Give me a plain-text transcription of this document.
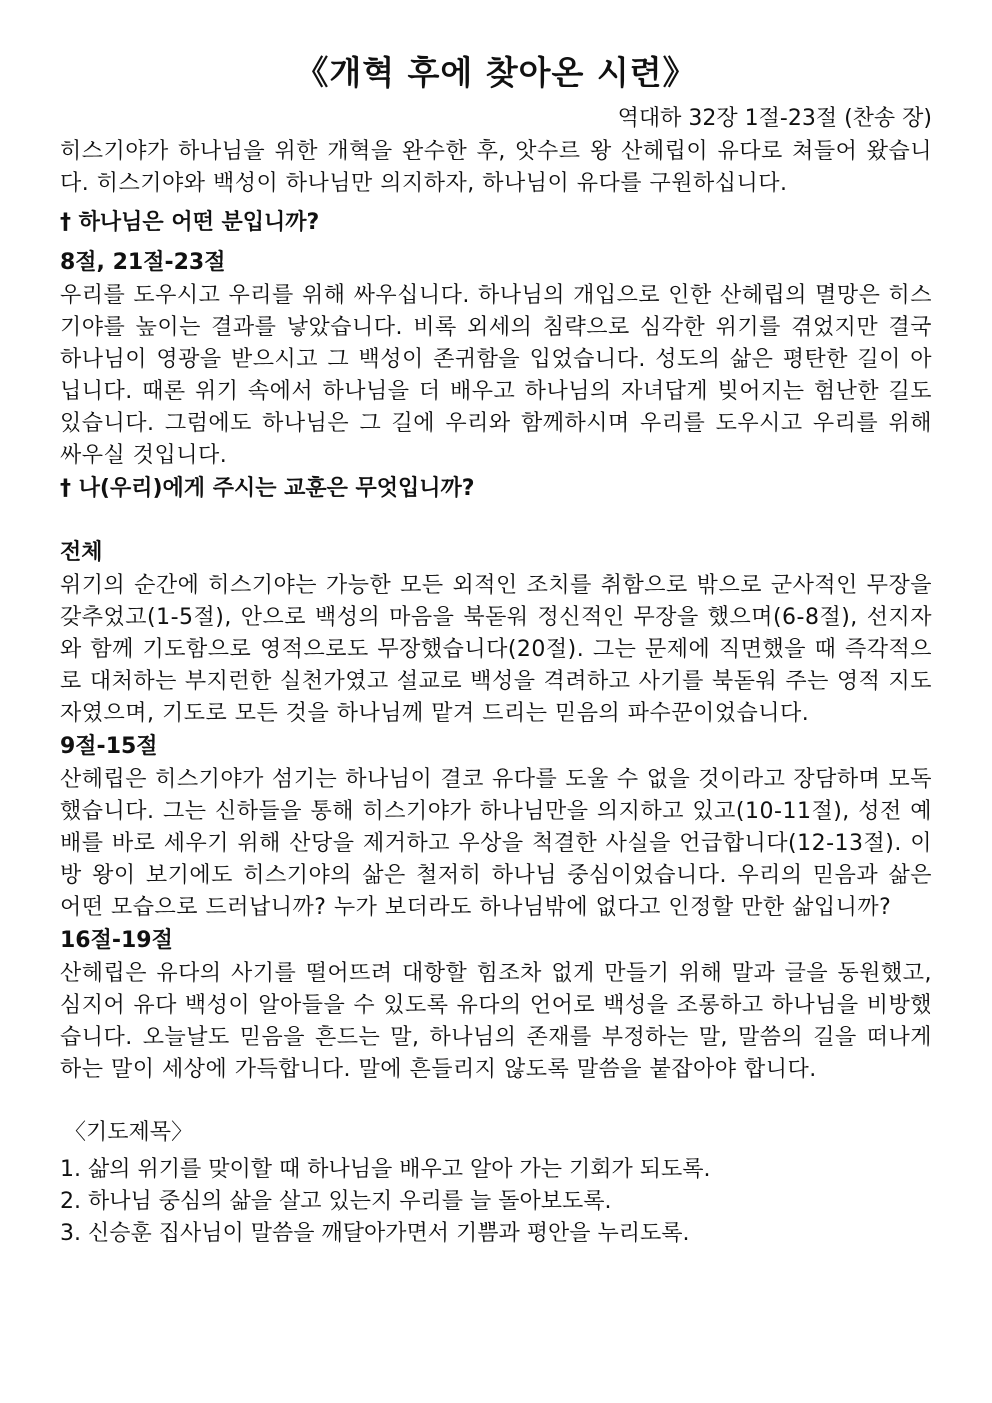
《개혁 후에 찾아온 시련》
역대하 32장 1절-23절 (찬송 장)

히스기야가 하나님을 위한 개혁을 완수한 후, 앗수르 왕 산헤립이 유다로 쳐들어 왔습니다. 히스기야와 백성이 하나님만 의지하자, 하나님이 유다를 구원하십니다.

† 하나님은 어떤 분입니까?
8절, 21절-23절

우리를 도우시고 우리를 위해 싸우십니다. 하나님의 개입으로 인한 산헤립의 멸망은 히스기야를 높이는 결과를 낳았습니다. 비록 외세의 침략으로 심각한 위기를 겪었지만 결국 하나님이 영광을 받으시고 그 백성이 존귀함을 입었습니다. 성도의 삶은 평탄한 길이 아닙니다. 때론 위기 속에서 하나님을 더 배우고 하나님의 자녀답게 빚어지는 험난한 길도 있습니다. 그럼에도 하나님은 그 길에 우리와 함께하시며 우리를 도우시고 우리를 위해 싸우실 것입니다.

† 나(우리)에게 주시는 교훈은 무엇입니까?
전체

위기의 순간에 히스기야는 가능한 모든 외적인 조치를 취함으로 밖으로 군사적인 무장을 갖추었고(1-5절), 안으로 백성의 마음을 북돋워 정신적인 무장을 했으며(6-8절), 선지자와 함께 기도함으로 영적으로도 무장했습니다(20절). 그는 문제에 직면했을 때 즉각적으로 대처하는 부지런한 실천가였고 설교로 백성을 격려하고 사기를 북돋워 주는 영적 지도자였으며, 기도로 모든 것을 하나님께 맡겨 드리는 믿음의 파수꾼이었습니다.

9절-15절

산헤립은 히스기야가 섬기는 하나님이 결코 유다를 도울 수 없을 것이라고 장담하며 모독했습니다. 그는 신하들을 통해 히스기야가 하나님만을 의지하고 있고(10-11절), 성전 예배를 바로 세우기 위해 산당을 제거하고 우상을 척결한 사실을 언급합니다(12-13절). 이방 왕이 보기에도 히스기야의 삶은 철저히 하나님 중심이었습니다. 우리의 믿음과 삶은 어떤 모습으로 드러납니까? 누가 보더라도 하나님밖에 없다고 인정할 만한 삶입니까?

16절-19절

산헤립은 유다의 사기를 떨어뜨려 대항할 힘조차 없게 만들기 위해 말과 글을 동원했고, 심지어 유다 백성이 알아들을 수 있도록 유다의 언어로 백성을 조롱하고 하나님을 비방했습니다. 오늘날도 믿음을 흔드는 말, 하나님의 존재를 부정하는 말, 말씀의 길을 떠나게 하는 말이 세상에 가득합니다. 말에 흔들리지 않도록 말씀을 붙잡아야 합니다.

〈기도제목〉
1. 삶의 위기를 맞이할 때 하나님을 배우고 알아 가는 기회가 되도록.
2. 하나님 중심의 삶을 살고 있는지 우리를 늘 돌아보도록.
3. 신승훈 집사님이 말씀을 깨달아가면서 기쁨과 평안을 누리도록.
